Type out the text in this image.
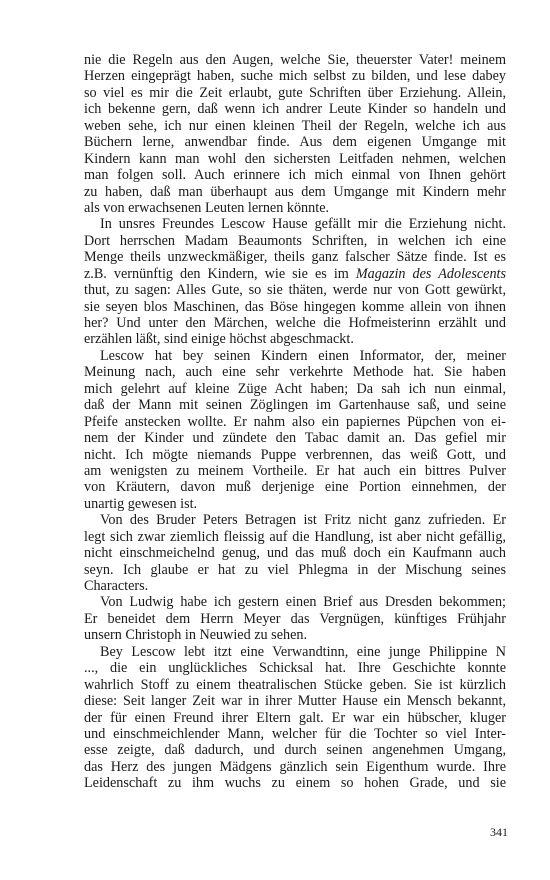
nie die Regeln aus den Augen, welche Sie, theuerster Vater! meinem
Herzen eingeprägt haben, suche mich selbst zu bilden, und lese dabey
so viel es mir die Zeit erlaubt, gute Schriften über Erziehung. Allein,
ich bekenne gern, daß wenn ich andrer Leute Kinder so handeln und
weben sehe, ich nur einen kleinen Theil der Regeln, welche ich aus
Büchern lerne, anwendbar finde. Aus dem eigenen Umgange mit
Kindern kann man wohl den sichersten Leitfaden nehmen, welchen
man folgen soll. Auch erinnere ich mich einmal von Ihnen gehört
zu haben, daß man überhaupt aus dem Umgange mit Kindern mehr
als von erwachsenen Leuten lernen könnte.
In unsres Freundes Lescow Hause gefällt mir die Erziehung nicht.
Dort herrschen Madam Beaumonts Schriften, in welchen ich eine
Menge theils unzweckmäßiger, theils ganz falscher Sätze finde. Ist es
z.B. vernünftig den Kindern, wie sie es im Magazin des Adolescents
thut, zu sagen: Alles Gute, so sie thäten, werde nur von Gott gewürkt,
sie seyen blos Maschinen, das Böse hingegen komme allein von ihnen
her? Und unter den Märchen, welche die Hofmeisterinn erzählt und
erzählen läßt, sind einige höchst abgeschmackt.
Lescow hat bey seinen Kindern einen Informator, der, meiner
Meinung nach, auch eine sehr verkehrte Methode hat. Sie haben
mich gelehrt auf kleine Züge Acht haben; Da sah ich nun einmal,
daß der Mann mit seinen Zöglingen im Gartenhause saß, und seine
Pfeife anstecken wollte. Er nahm also ein papiernes Püpchen von ei-
nem der Kinder und zündete den Tabac damit an. Das gefiel mir
nicht. Ich mögte niemands Puppe verbrennen, das weiß Gott, und
am wenigsten zu meinem Vortheile. Er hat auch ein bittres Pulver
von Kräutern, davon muß derjenige eine Portion einnehmen, der
unartig gewesen ist.
Von des Bruder Peters Betragen ist Fritz nicht ganz zufrieden. Er
legt sich zwar ziemlich fleissig auf die Handlung, ist aber nicht gefällig,
nicht einschmeichelnd genug, und das muß doch ein Kaufmann auch
seyn. Ich glaube er hat zu viel Phlegma in der Mischung seines
Characters.
Von Ludwig habe ich gestern einen Brief aus Dresden bekommen;
Er beneidet dem Herrn Meyer das Vergnügen, künftiges Frühjahr
unsern Christoph in Neuwied zu sehen.
Bey Lescow lebt itzt eine Verwandtinn, eine junge Philippine N
..., die ein unglückliches Schicksal hat. Ihre Geschichte konnte
wahrlich Stoff zu einem theatralischen Stücke geben. Sie ist kürzlich
diese: Seit langer Zeit war in ihrer Mutter Hause ein Mensch bekannt,
der für einen Freund ihrer Eltern galt. Er war ein hübscher, kluger
und einschmeichlender Mann, welcher für die Tochter so viel Inter-
esse zeigte, daß dadurch, und durch seinen angenehmen Umgang,
das Herz des jungen Mädgens gänzlich sein Eigenthum wurde. Ihre
Leidenschaft zu ihm wuchs zu einem so hohen Grade, und sie
341
